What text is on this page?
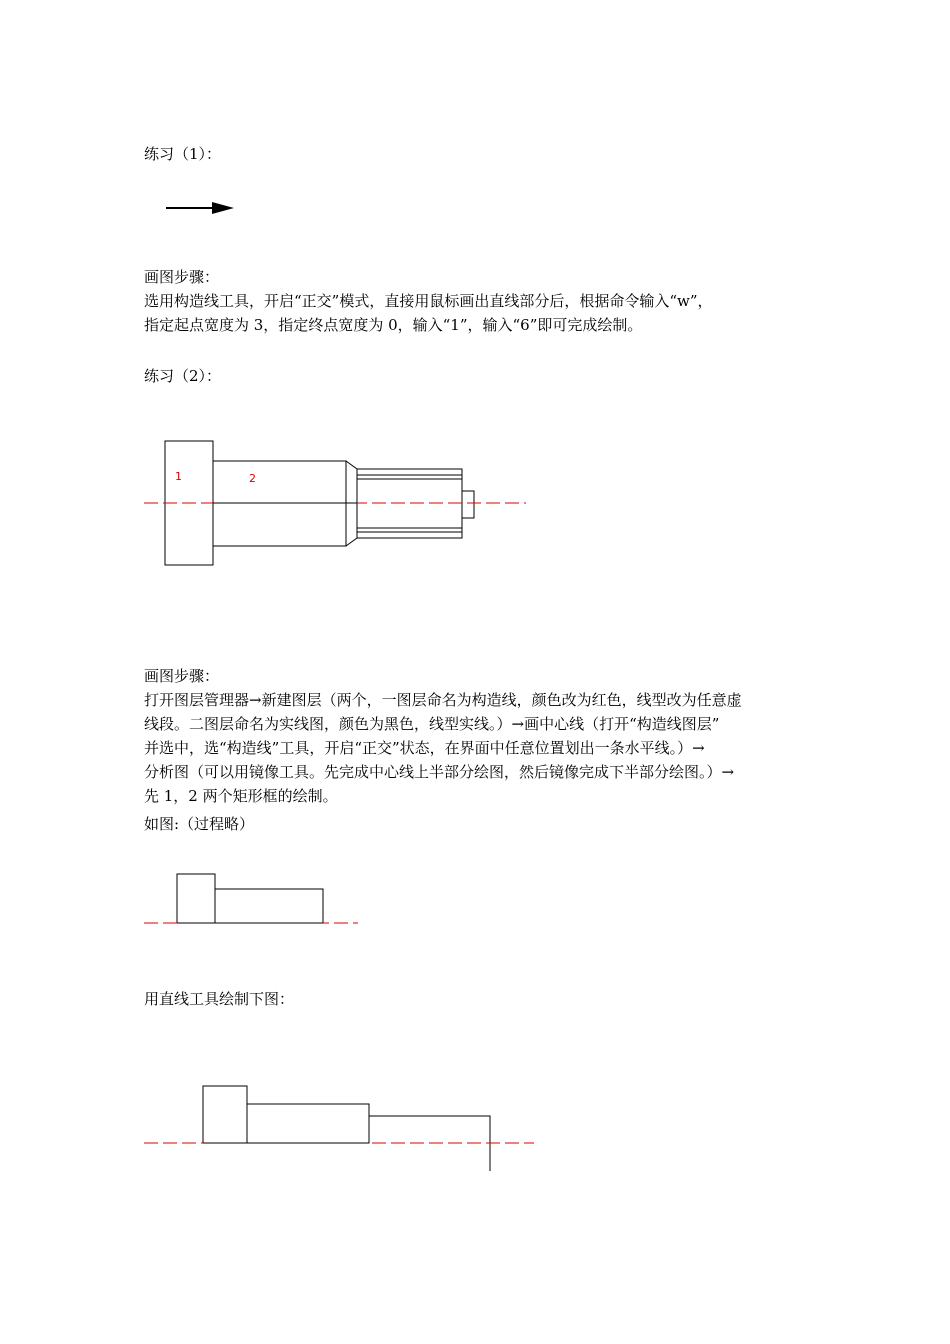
练习（1）：

画图步骤：

选用构造线工具，开启“正交”模式，直接用鼠标画出直线部分后，根据命令输入“w”，
指定起点宽度为 3，指定终点宽度为 0，输入“1”，输入“6”即可完成绘制。

练习（2）：

1	2

画图步骤：

打开图层管理器→新建图层（两个，一图层命名为构造线，颜色改为红色，线型改为任意虚
线段。二图层命名为实线图，颜色为黑色，线型实线。）→画中心线（打开“构造线图层”
并选中，选“构造线”工具，开启“正交”状态，在界面中任意位置划出一条水平线。）→
分析图（可以用镜像工具。先完成中心线上半部分绘图，然后镜像完成下半部分绘图。）→
先 1，2 两个矩形框的绘制。

如图:（过程略）

用直线工具绘制下图：
